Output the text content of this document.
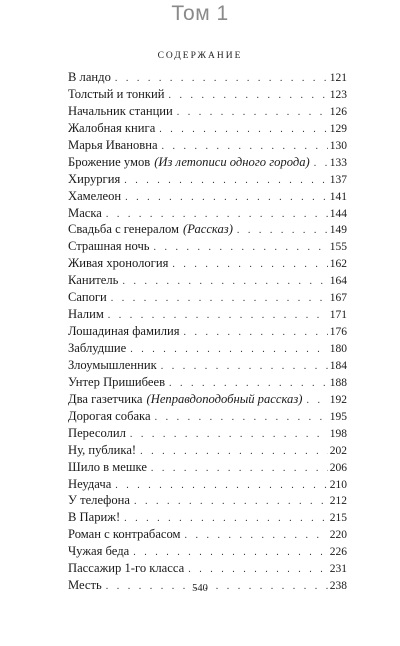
Том 1
СОДЕРЖАНИЕ
В ландо . . .	121
Толстый и тонкий . . .	123
Начальник станции . . .	126
Жалобная книга . . .	129
Марья Ивановна . . .	130
Брожение умов (Из летописи одного города) . . . 133
Хирургия . . .	137
Хамелеон . . .	141
Маска . . .	144
Свадьба с генералом (Рассказ) . . .	149
Страшная ночь . . .	155
Живая хронология . . .	162
Канитель . . .	164
Сапоги . . .	167
Налим . . .	171
Лошадиная фамилия . . .	176
Заблудшие . . .	180
Злоумышленник . . .	184
Унтер Пришибеев . . .	188
Два газетчика (Неправдоподобный рассказ) . . . 192
Дорогая собака . . .	195
Пересолил . . .	198
Ну, публика! . . .	202
Шило в мешке . . .	206
Неудача . . .	210
У телефона . . .	212
В Париж! . . .	215
Роман с контрабасом . . .	220
Чужая беда . . .	226
Пассажир 1-го класса . . .	231
Месть . . .	238
540
